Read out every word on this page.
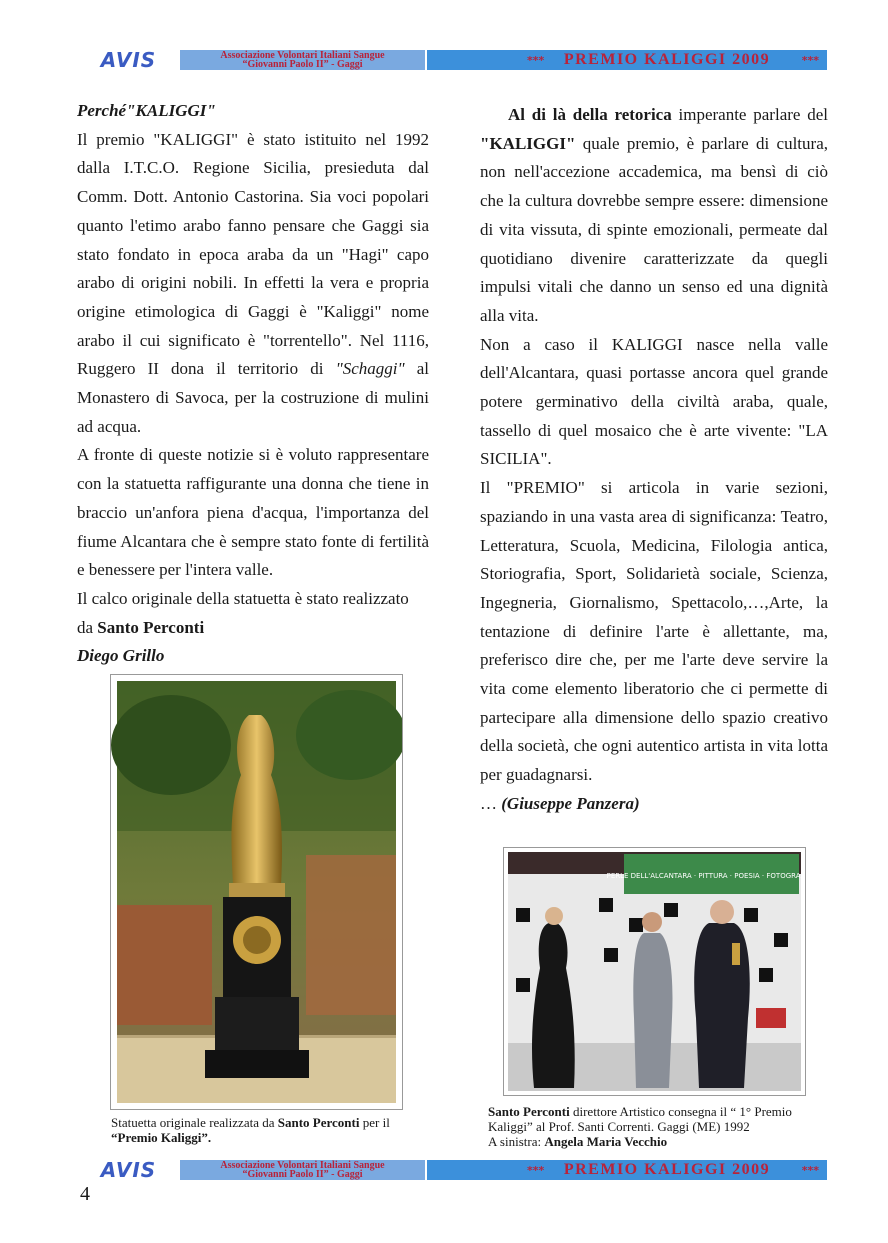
AVIS	Associazione Volontari Italiani Sangue
“Giovanni Paolo II” - Gaggi	*** PREMIO KALIGGI 2009	***

Perché"KALIGGI"

Il premio "KALIGGI" è stato istituito nel 1992 dalla I.T.C.O. Regione Sicilia, presieduta dal Comm. Dott. Antonio Castorina. Sia voci popolari quanto l'etimo arabo fanno pensare che Gaggi sia stato fondato in epoca araba da un "Hagi" capo arabo di origini nobili. In effetti la vera e propria origine etimologica di Gaggi è "Kaliggi" nome arabo il cui significato è "torrentello". Nel 1116, Ruggero II dona il territorio di "Schaggi" al Monastero di Savoca, per la costruzione di mulini ad acqua.

A fronte di queste notizie si è voluto rappresentare con la statuetta raffigurante una donna che tiene in braccio un'anfora piena d'acqua, l'importanza del fiume Alcantara che è sempre stato fonte di fertilità e benessere per l'intera valle.

Il calco originale della statuetta è stato realizzato da Santo Perconti

Diego Grillo

Al di là della retorica imperante parlare del "KALIGGI" quale premio, è parlare di cultura, non nell'accezione accademica, ma bensì di ciò che la cultura dovrebbe sempre essere: dimensione di vita vissuta, di spinte emozionali, permeate dal quotidiano divenire caratterizzate da quegli impulsi vitali che danno un senso ed una dignità alla vita.

Non a caso il KALIGGI nasce nella valle dell'Alcantara, quasi portasse ancora quel grande potere germinativo della civiltà araba, quale, tassello di quel mosaico che è arte vivente: "LA SICILIA".

Il "PREMIO" si articola in varie sezioni, spaziando in una vasta area di significanza: Teatro, Letteratura, Scuola, Medicina, Filologia antica, Storiografia, Sport, Solidarietà sociale, Scienza, Ingegneria, Giornalismo, Spettacolo,…,Arte, la tentazione di definire l'arte è allettante, ma, preferisco dire che, per me l'arte deve servire la vita come elemento liberatorio che ci permette di partecipare alla dimensione dello spazio creativo della società, che ogni autentico artista in vita lotta per guadagnarsi.

… (Giuseppe Panzera)

PERLE DELL'ALCANTARA · PITTURA · POESIA · FOTOGRAFIA
Statuetta originale realizzata da Santo Perconti per il “Premio Kaliggi”.
Santo Perconti direttore Artistico consegna il “ 1° Premio Kaliggi” al Prof. Santi Correnti. Gaggi (ME) 1992
A sinistra: Angela Maria Vecchio
AVIS	Associazione Volontari Italiani Sangue
“Giovanni Paolo II” - Gaggi	*** PREMIO KALIGGI 2009	***
4
